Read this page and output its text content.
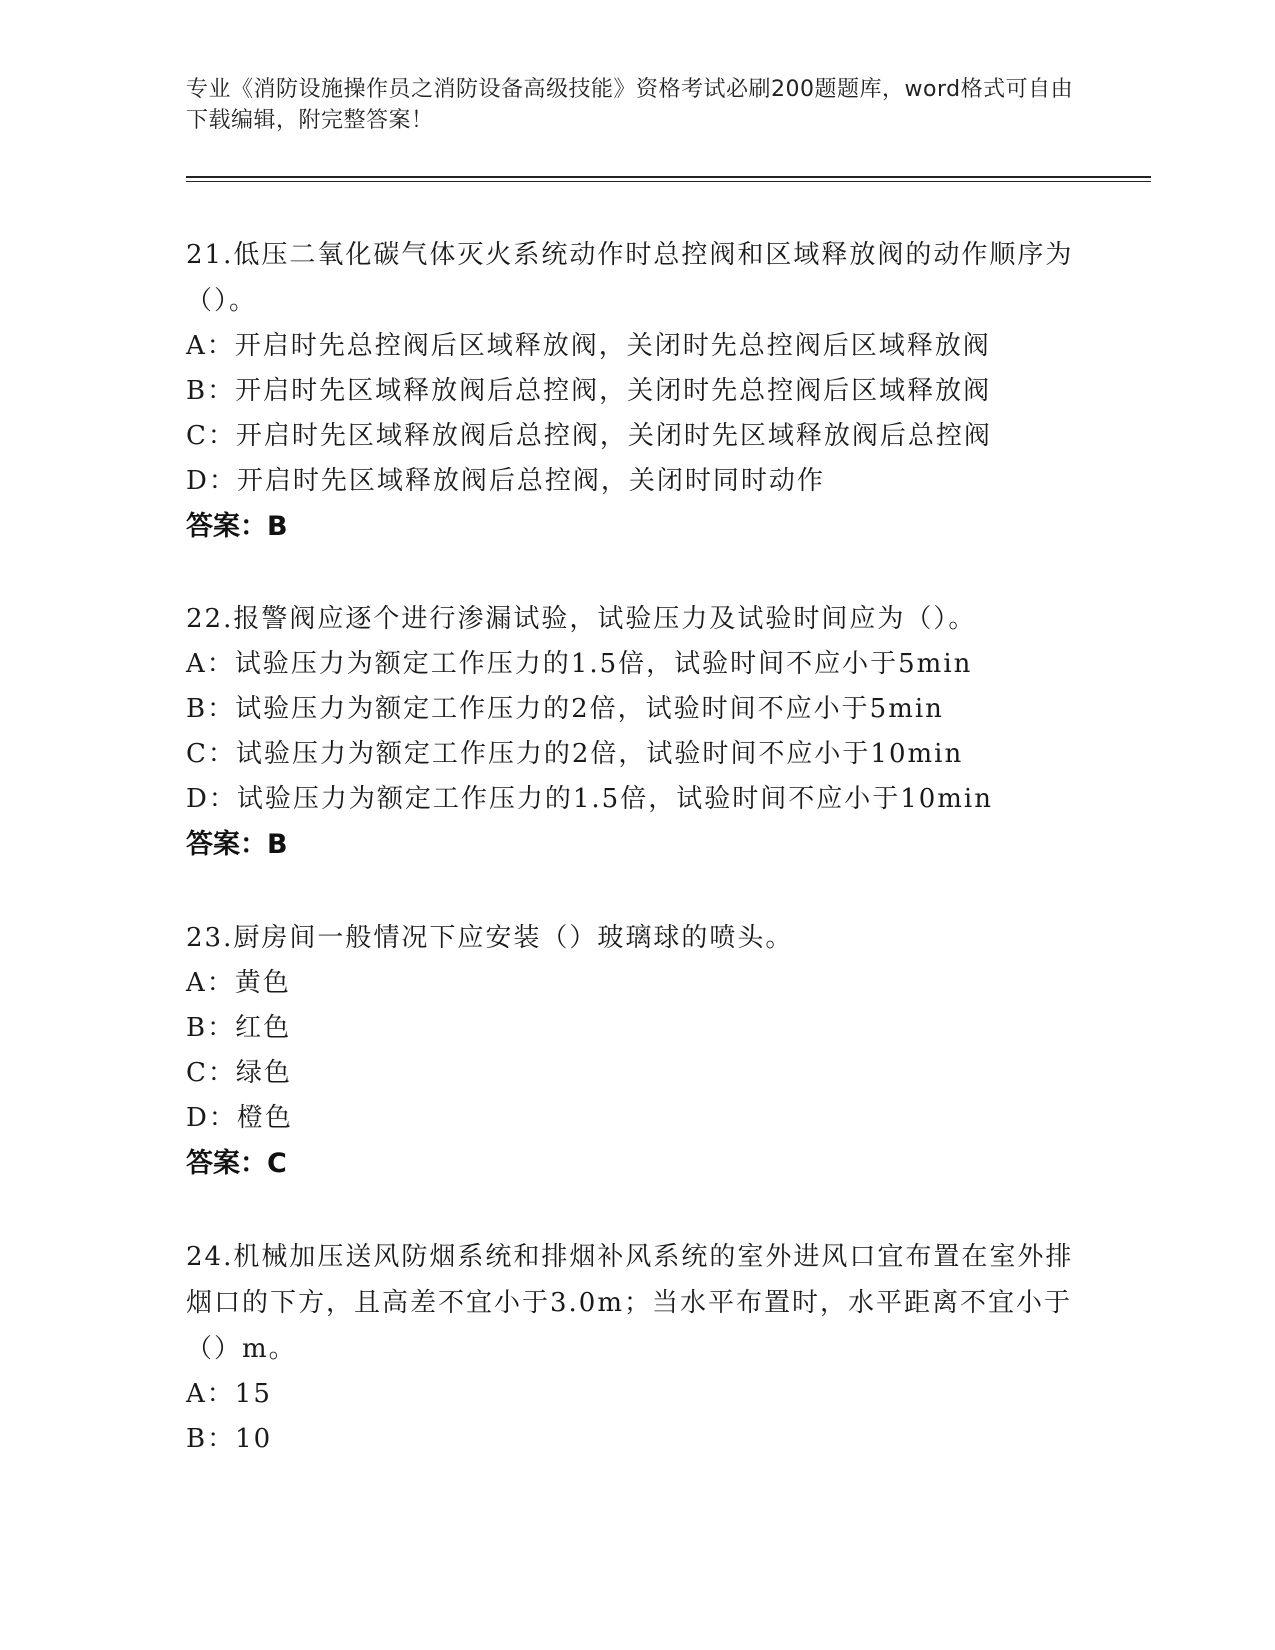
专业《消防设施操作员之消防设备高级技能》资格考试必刷200题题库，word格式可自由下载编辑，附完整答案！
21.低压二氧化碳气体灭火系统动作时总控阀和区域释放阀的动作顺序为（）。
A：开启时先总控阀后区域释放阀，关闭时先总控阀后区域释放阀
B：开启时先区域释放阀后总控阀，关闭时先总控阀后区域释放阀
C：开启时先区域释放阀后总控阀，关闭时先区域释放阀后总控阀
D：开启时先区域释放阀后总控阀，关闭时同时动作
答案：B
22.报警阀应逐个进行渗漏试验，试验压力及试验时间应为（）。
A：试验压力为额定工作压力的1.5倍，试验时间不应小于5min
B：试验压力为额定工作压力的2倍，试验时间不应小于5min
C：试验压力为额定工作压力的2倍，试验时间不应小于10min
D：试验压力为额定工作压力的1.5倍，试验时间不应小于10min
答案：B
23.厨房间一般情况下应安装（）玻璃球的喷头。
A：黄色
B：红色
C：绿色
D：橙色
答案：C
24.机械加压送风防烟系统和排烟补风系统的室外进风口宜布置在室外排烟口的下方，且高差不宜小于3.0m；当水平布置时，水平距离不宜小于（）m。
A：15
B：10
